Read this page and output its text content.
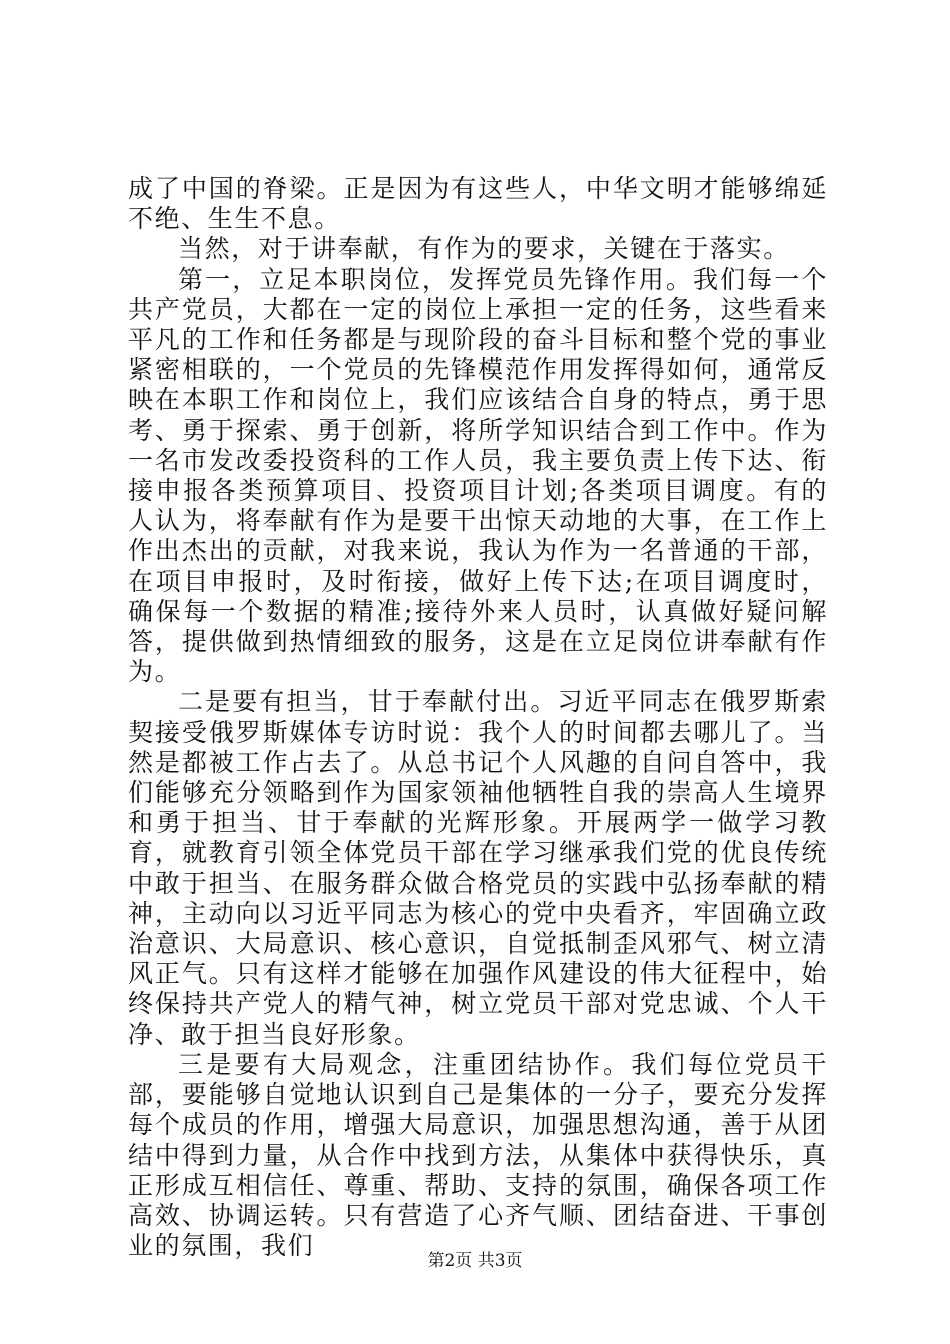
成了中国的脊梁。正是因为有这些人，中华文明才能够绵延不绝、生生不息。

当然，对于讲奉献，有作为的要求，关键在于落实。

第一，立足本职岗位，发挥党员先锋作用。我们每一个共产党员，大都在一定的岗位上承担一定的任务，这些看来平凡的工作和任务都是与现阶段的奋斗目标和整个党的事业紧密相联的，一个党员的先锋模范作用发挥得如何，通常反映在本职工作和岗位上，我们应该结合自身的特点，勇于思考、勇于探索、勇于创新，将所学知识结合到工作中。作为一名市发改委投资科的工作人员，我主要负责上传下达、衔接申报各类预算项目、投资项目计划;各类项目调度。有的人认为，将奉献有作为是要干出惊天动地的大事，在工作上作出杰出的贡献，对我来说，我认为作为一名普通的干部，在项目申报时，及时衔接，做好上传下达;在项目调度时，确保每一个数据的精准;接待外来人员时，认真做好疑问解答，提供做到热情细致的服务，这是在立足岗位讲奉献有作为。

二是要有担当，甘于奉献付出。习近平同志在俄罗斯索契接受俄罗斯媒体专访时说：我个人的时间都去哪儿了。当然是都被工作占去了。从总书记个人风趣的自问自答中，我们能够充分领略到作为国家领袖他牺牲自我的崇高人生境界和勇于担当、甘于奉献的光辉形象。开展两学一做学习教育，就教育引领全体党员干部在学习继承我们党的优良传统中敢于担当、在服务群众做合格党员的实践中弘扬奉献的精神，主动向以习近平同志为核心的党中央看齐，牢固确立政治意识、大局意识、核心意识，自觉抵制歪风邪气、树立清风正气。只有这样才能够在加强作风建设的伟大征程中，始终保持共产党人的精气神，树立党员干部对党忠诚、个人干净、敢于担当良好形象。

三是要有大局观念，注重团结协作。我们每位党员干部，要能够自觉地认识到自己是集体的一分子，要充分发挥每个成员的作用，增强大局意识，加强思想沟通，善于从团结中得到力量，从合作中找到方法，从集体中获得快乐，真正形成互相信任、尊重、帮助、支持的氛围，确保各项工作高效、协调运转。只有营造了心齐气顺、团结奋进、干事创业的氛围，我们

第2页 共3页
